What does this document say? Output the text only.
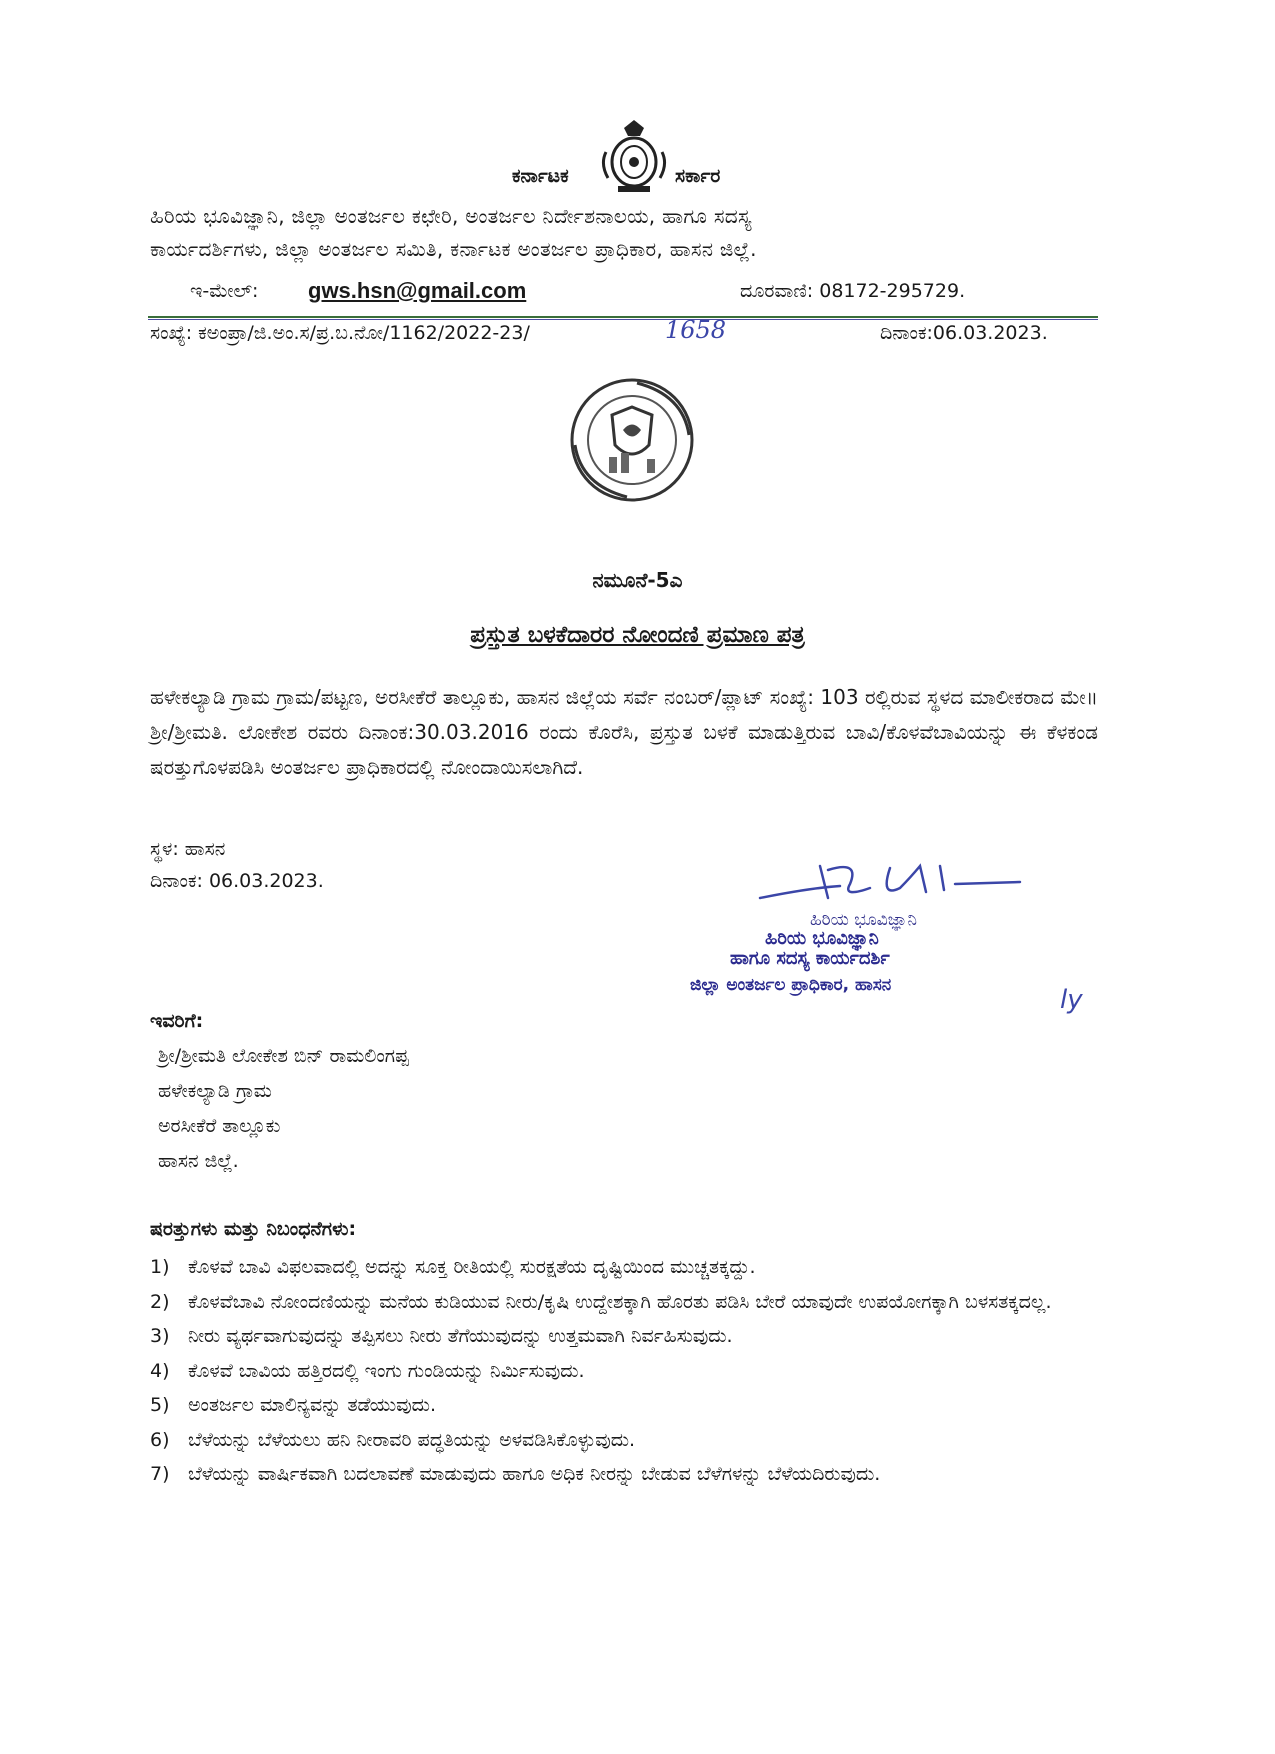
ಕರ್ನಾಟಕ	ಸರ್ಕಾರ
ಹಿರಿಯ ಭೂವಿಜ್ಞಾನಿ, ಜಿಲ್ಲಾ ಅಂತರ್ಜಲ ಕಛೇರಿ, ಅಂತರ್ಜಲ ನಿರ್ದೇಶನಾಲಯ, ಹಾಗೂ ಸದಸ್ಯ
ಕಾರ್ಯದರ್ಶಿಗಳು, ಜಿಲ್ಲಾ ಅಂತರ್ಜಲ ಸಮಿತಿ, ಕರ್ನಾಟಕ ಅಂತರ್ಜಲ ಪ್ರಾಧಿಕಾರ, ಹಾಸನ ಜಿಲ್ಲೆ.
ಇ-ಮೇಲ್: gws.hsn@gmail.com	ದೂರವಾಣಿ: 08172-295729.
ಸಂಖ್ಯೆ: ಕಅಂಪ್ರಾ/ಜಿ.ಅಂ.ಸ/ಪ್ರ.ಬ.ನೋ/1162/2022-23/	1658	ದಿನಾಂಕ:06.03.2023.
ನಮೂನೆ-5ಎ
ಪ್ರಸ್ತುತ ಬಳಕೆದಾರರ ನೋಂದಣಿ ಪ್ರಮಾಣ ಪತ್ರ
ಹಳೇಕಲ್ಯಾಡಿ ಗ್ರಾಮ ಗ್ರಾಮ/ಪಟ್ಟಣ, ಅರಸೀಕೆರೆ ತಾಲ್ಲೂಕು, ಹಾಸನ ಜಿಲ್ಲೆಯ ಸರ್ವೆ ನಂಬರ್/ಪ್ಲಾಟ್ ಸಂಖ್ಯೆ: 103 ರಲ್ಲಿರುವ ಸ್ಥಳದ ಮಾಲೀಕರಾದ ಮೇ॥ ಶ್ರೀ/ಶ್ರೀಮತಿ. ಲೋಕೇಶ ರವರು ದಿನಾಂಕ:30.03.2016 ರಂದು ಕೊರೆಸಿ, ಪ್ರಸ್ತುತ ಬಳಕೆ ಮಾಡುತ್ತಿರುವ ಬಾವಿ/ಕೊಳವೆಬಾವಿಯನ್ನು ಈ ಕೆಳಕಂಡ ಷರತ್ತುಗೊಳಪಡಿಸಿ ಅಂತರ್ಜಲ ಪ್ರಾಧಿಕಾರದಲ್ಲಿ ನೋಂದಾಯಿಸಲಾಗಿದೆ.
ಸ್ಥಳ: ಹಾಸನ
ದಿನಾಂಕ: 06.03.2023.
ಹಿರಿಯ ಭೂವಿಜ್ಞಾನಿ
ಹಿರಿಯ ಭೂವಿಜ್ಞಾನಿ
ಹಾಗೂ ಸದಸ್ಯ ಕಾರ್ಯದರ್ಶಿ
ಜಿಲ್ಲಾ ಅಂತರ್ಜಲ ಪ್ರಾಧಿಕಾರ, ಹಾಸನ	ly
ಇವರಿಗೆ:
ಶ್ರೀ/ಶ್ರೀಮತಿ ಲೋಕೇಶ ಬಿನ್ ರಾಮಲಿಂಗಪ್ಪ
ಹಳೇಕಲ್ಯಾಡಿ ಗ್ರಾಮ
ಅರಸೀಕೆರೆ ತಾಲ್ಲೂಕು
ಹಾಸನ ಜಿಲ್ಲೆ.
ಷರತ್ತುಗಳು ಮತ್ತು ನಿಬಂಧನೆಗಳು:
1) ಕೊಳವೆ ಬಾವಿ ವಿಫಲವಾದಲ್ಲಿ ಅದನ್ನು ಸೂಕ್ತ ರೀತಿಯಲ್ಲಿ ಸುರಕ್ಷತೆಯ ದೃಷ್ಟಿಯಿಂದ ಮುಚ್ಚತಕ್ಕದ್ದು.
2) ಕೊಳವೆಬಾವಿ ನೋಂದಣಿಯನ್ನು ಮನೆಯ ಕುಡಿಯುವ ನೀರು/ಕೃಷಿ ಉದ್ದೇಶಕ್ಕಾಗಿ ಹೊರತು ಪಡಿಸಿ ಬೇರೆ ಯಾವುದೇ ಉಪಯೋಗಕ್ಕಾಗಿ ಬಳಸತಕ್ಕದಲ್ಲ.
3) ನೀರು ವ್ಯರ್ಥವಾಗುವುದನ್ನು ತಪ್ಪಿಸಲು ನೀರು ತೆಗೆಯುವುದನ್ನು ಉತ್ತಮವಾಗಿ ನಿರ್ವಹಿಸುವುದು.
4) ಕೊಳವೆ ಬಾವಿಯ ಹತ್ತಿರದಲ್ಲಿ ಇಂಗು ಗುಂಡಿಯನ್ನು ನಿರ್ಮಿಸುವುದು.
5) ಅಂತರ್ಜಲ ಮಾಲಿನ್ಯವನ್ನು ತಡೆಯುವುದು.
6) ಬೆಳೆಯನ್ನು ಬೆಳೆಯಲು ಹನಿ ನೀರಾವರಿ ಪದ್ಧತಿಯನ್ನು ಅಳವಡಿಸಿಕೊಳ್ಳುವುದು.
7) ಬೆಳೆಯನ್ನು ವಾರ್ಷಿಕವಾಗಿ ಬದಲಾವಣೆ ಮಾಡುವುದು ಹಾಗೂ ಅಧಿಕ ನೀರನ್ನು ಬೇಡುವ ಬೆಳೆಗಳನ್ನು ಬೆಳೆಯದಿರುವುದು.
